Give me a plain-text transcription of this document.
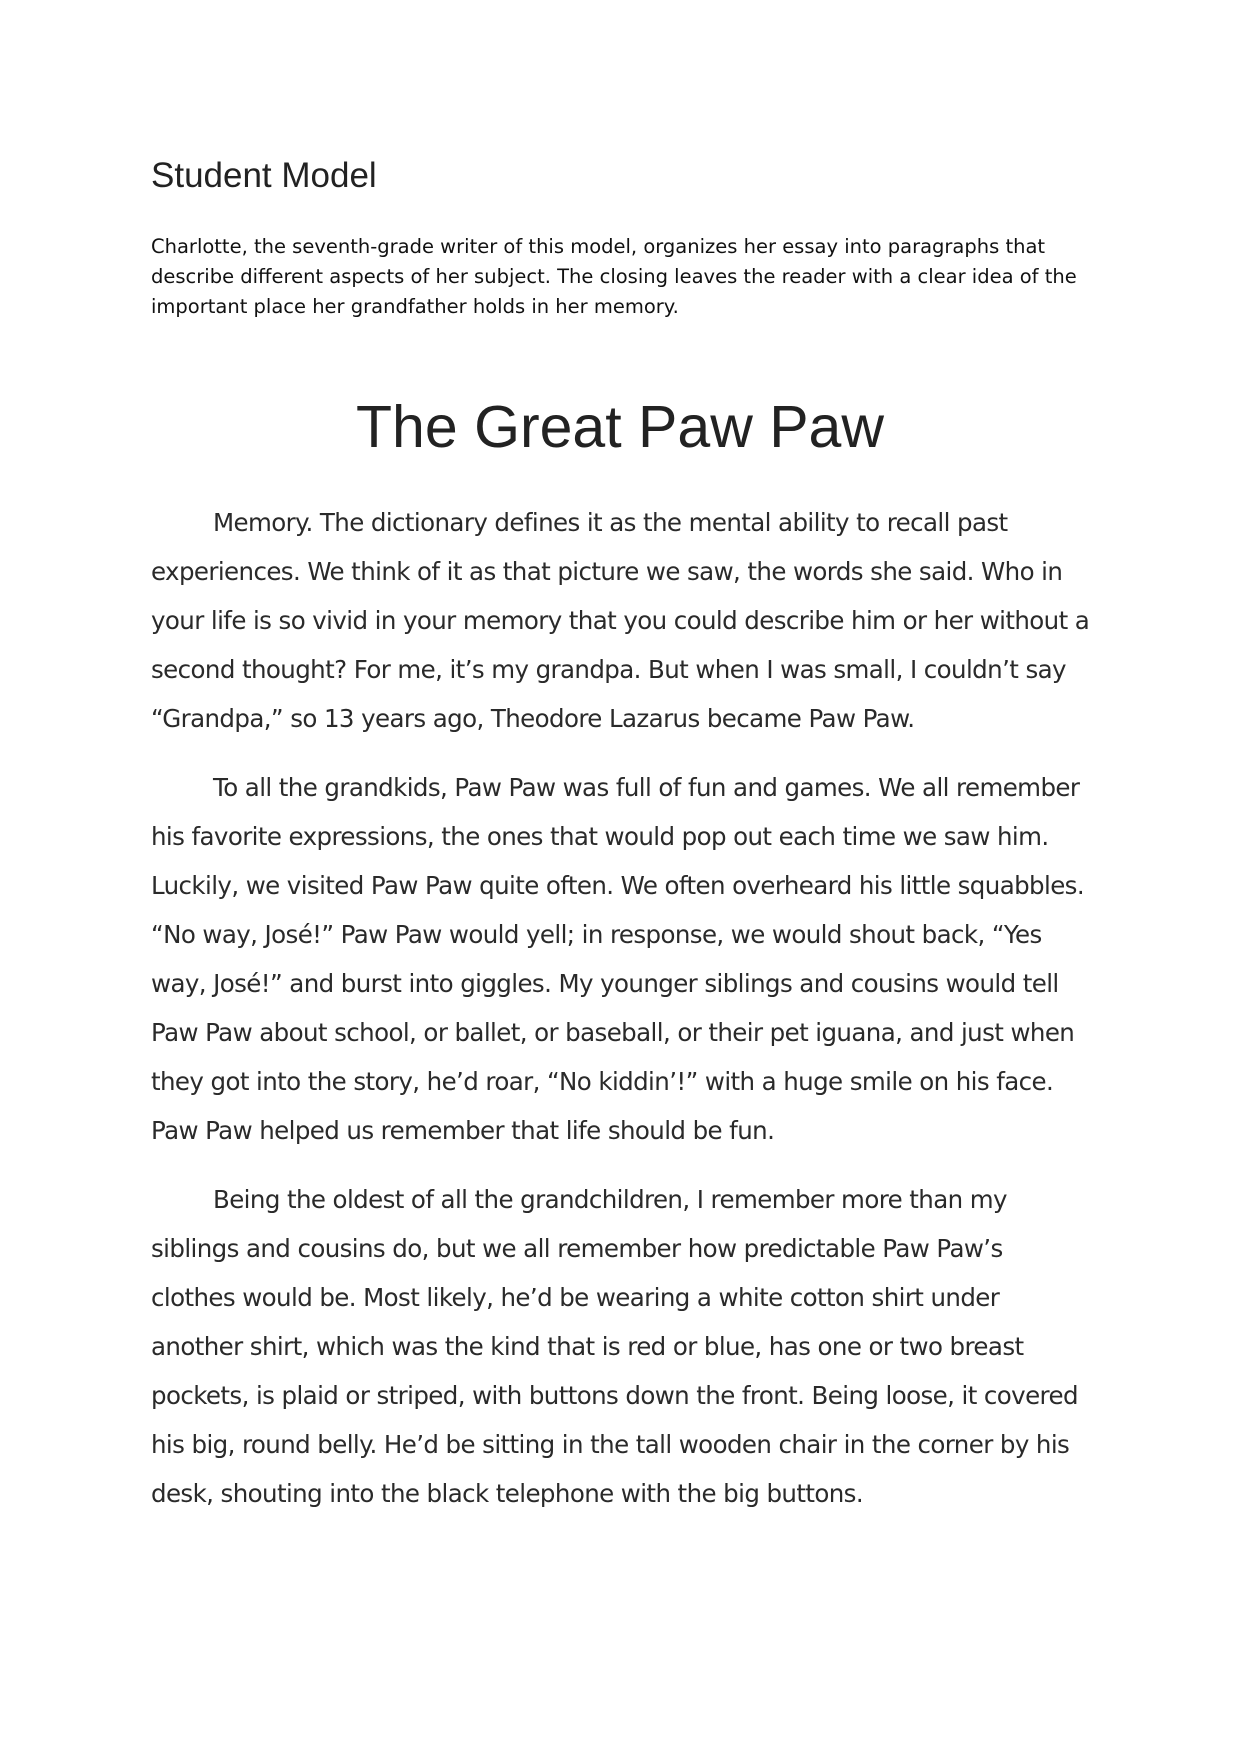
Student Model

Charlotte, the seventh-grade writer of this model, organizes her essay into paragraphs that describe different aspects of her subject. The closing leaves the reader with a clear idea of the important place her grandfather holds in her memory.

The Great Paw Paw

Memory. The dictionary defines it as the mental ability to recall past experiences. We think of it as that picture we saw, the words she said. Who in your life is so vivid in your memory that you could describe him or her without a second thought? For me, it’s my grandpa. But when I was small, I couldn’t say “Grandpa,” so 13 years ago, Theodore Lazarus became Paw Paw.

To all the grandkids, Paw Paw was full of fun and games. We all remember his favorite expressions, the ones that would pop out each time we saw him. Luckily, we visited Paw Paw quite often. We often overheard his little squabbles. “No way, José!” Paw Paw would yell; in response, we would shout back, “Yes way, José!” and burst into giggles. My younger siblings and cousins would tell Paw Paw about school, or ballet, or baseball, or their pet iguana, and just when they got into the story, he’d roar, “No kiddin’!” with a huge smile on his face. Paw Paw helped us remember that life should be fun.

Being the oldest of all the grandchildren, I remember more than my siblings and cousins do, but we all remember how predictable Paw Paw’s clothes would be. Most likely, he’d be wearing a white cotton shirt under another shirt, which was the kind that is red or blue, has one or two breast pockets, is plaid or striped, with buttons down the front. Being loose, it covered his big, round belly. He’d be sitting in the tall wooden chair in the corner by his desk, shouting into the black telephone with the big buttons.
